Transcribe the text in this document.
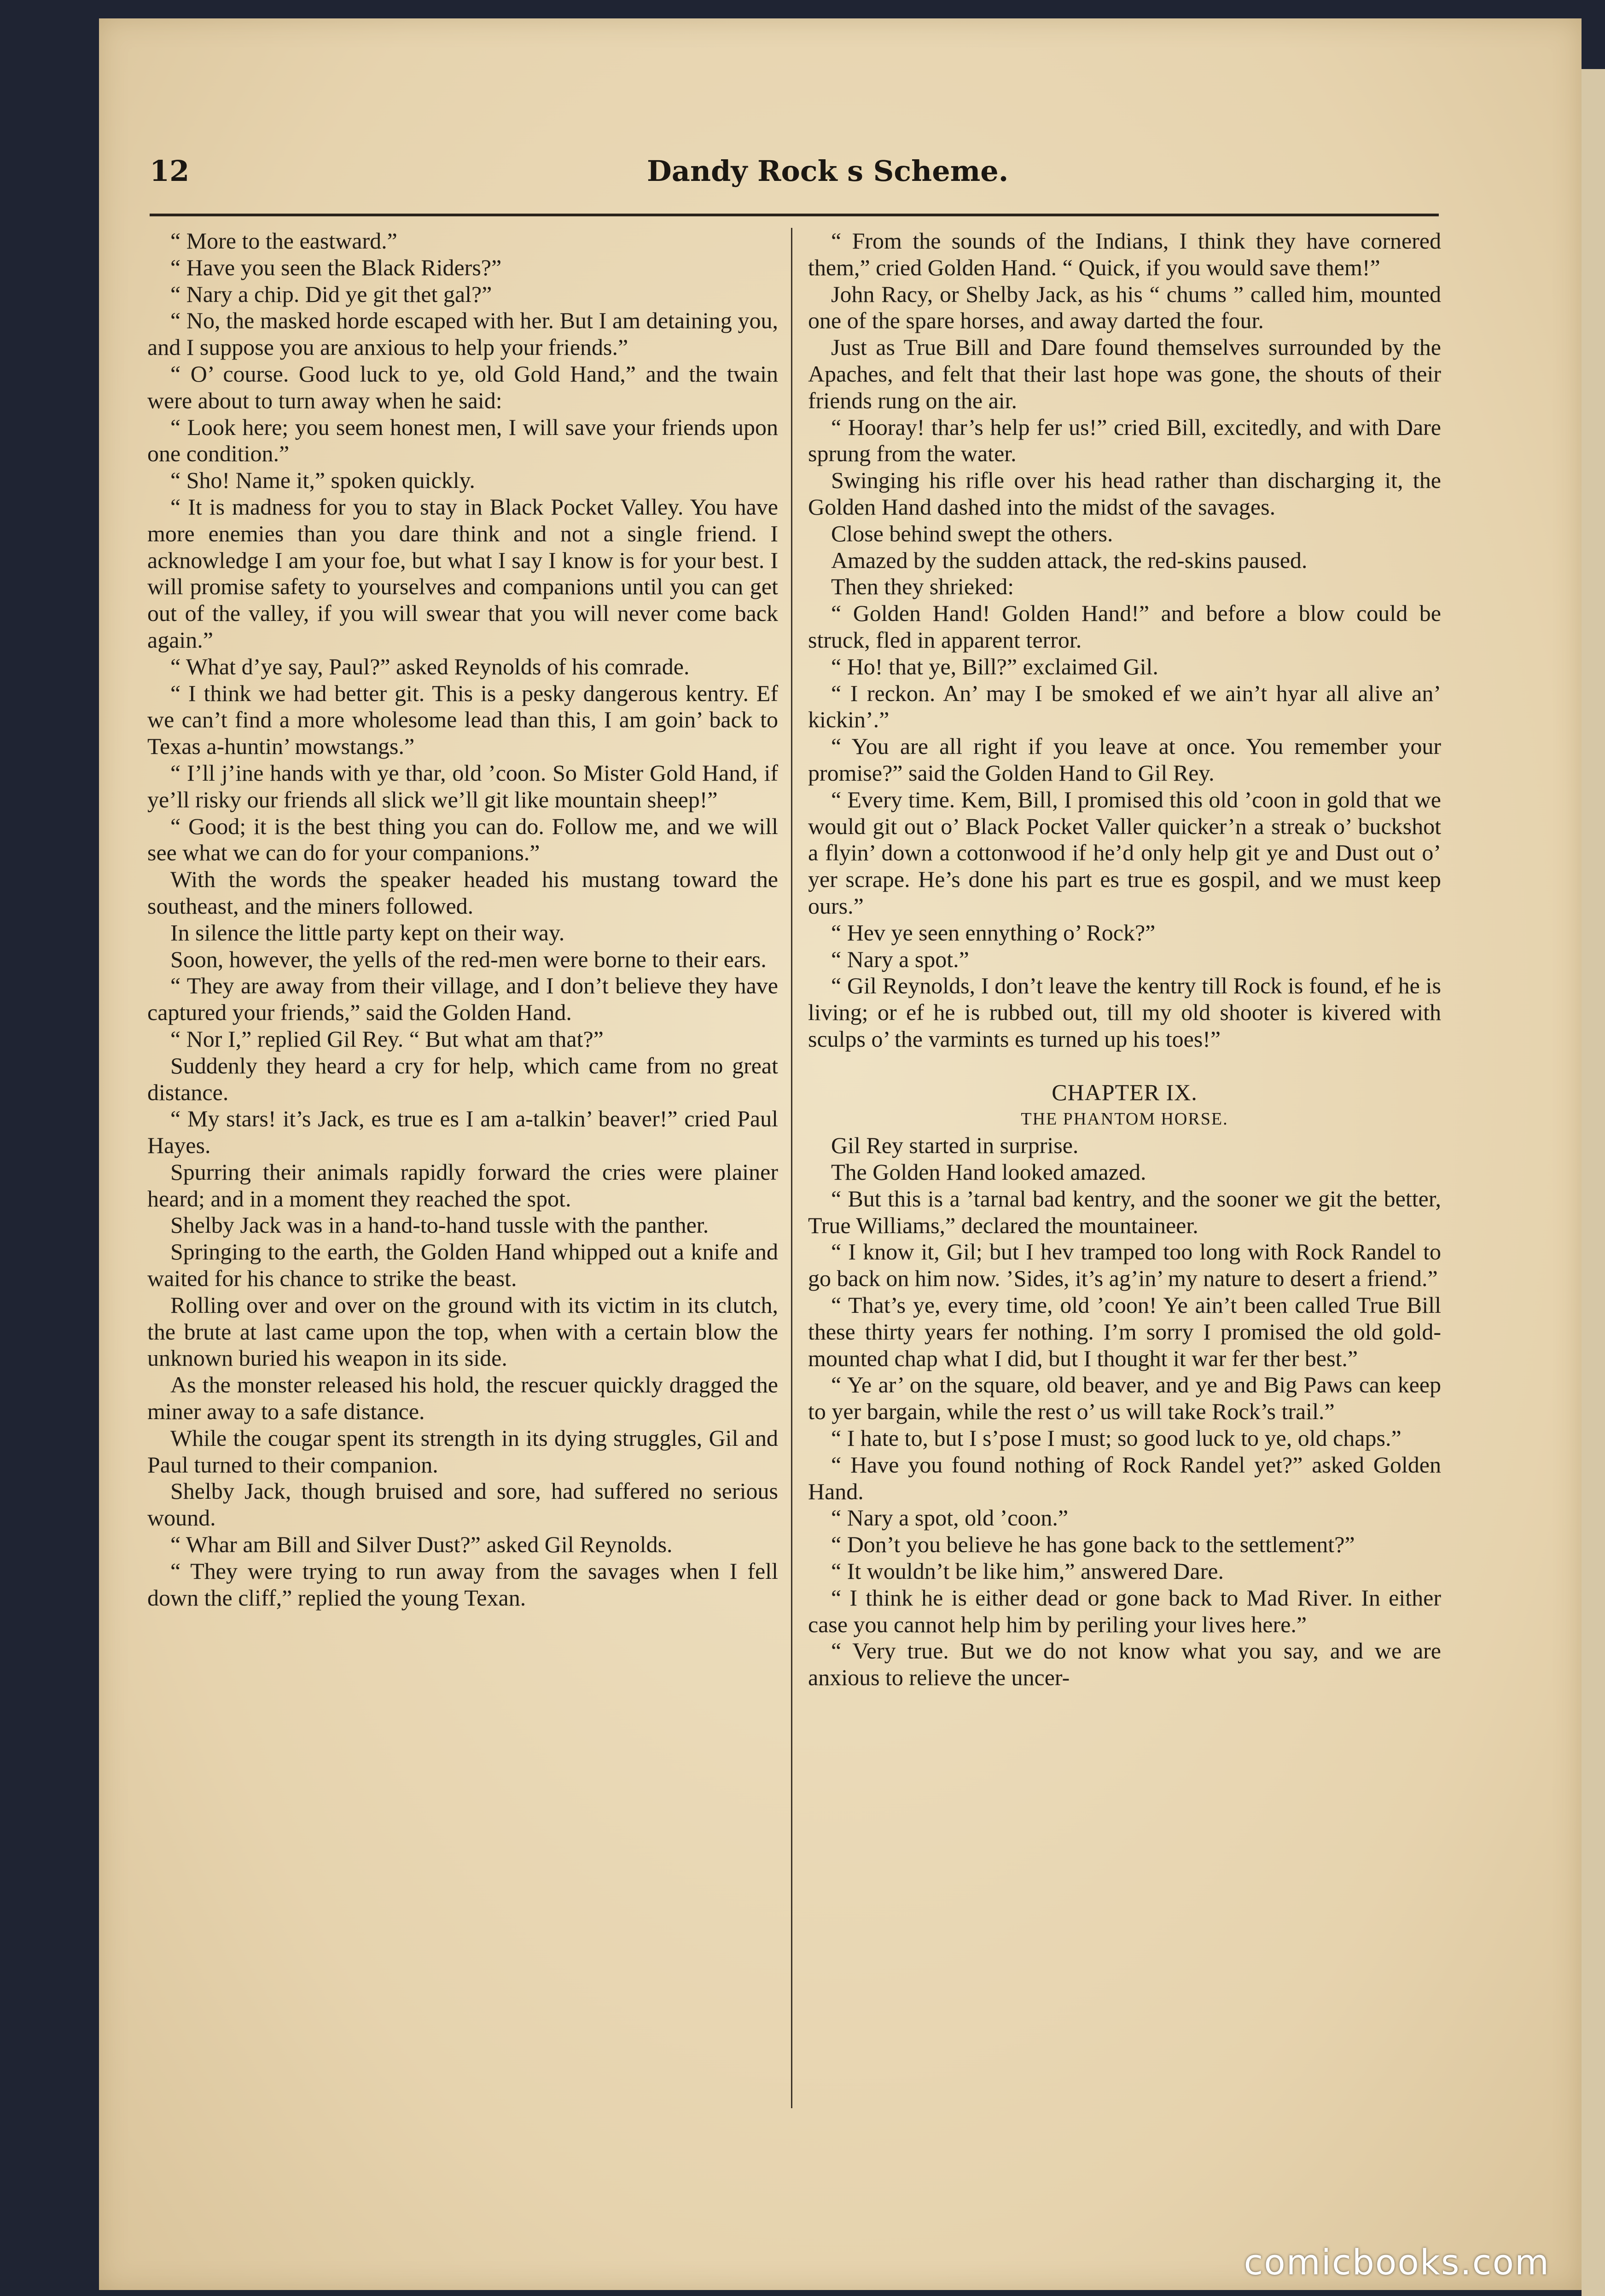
12	Dandy Rock s Scheme.

“ More to the eastward.”

“ Have you seen the Black Riders?”

“ Nary a chip. Did ye git thet gal?”

“ No, the masked horde escaped with her. But I am detaining you, and I suppose you are anxious to help your friends.”

“ O’ course. Good luck to ye, old Gold Hand,” and the twain were about to turn away when he said:

“ Look here; you seem honest men, I will save your friends upon one condition.”

“ Sho! Name it,” spoken quickly.

“ It is madness for you to stay in Black Pocket Valley. You have more enemies than you dare think and not a single friend. I acknowledge I am your foe, but what I say I know is for your best. I will promise safety to yourselves and companions until you can get out of the valley, if you will swear that you will never come back again.”

“ What d’ye say, Paul?” asked Reynolds of his comrade.

“ I think we had better git. This is a pesky dangerous kentry. Ef we can’t find a more wholesome lead than this, I am goin’ back to Texas a-huntin’ mowstangs.”

“ I’ll j’ine hands with ye thar, old ’coon. So Mister Gold Hand, if ye’ll risky our friends all slick we’ll git like mountain sheep!”

“ Good; it is the best thing you can do. Follow me, and we will see what we can do for your companions.”

With the words the speaker headed his mustang toward the southeast, and the miners followed.

In silence the little party kept on their way.

Soon, however, the yells of the red-men were borne to their ears.

“ They are away from their village, and I don’t believe they have captured your friends,” said the Golden Hand.

“ Nor I,” replied Gil Rey. “ But what am that?”

Suddenly they heard a cry for help, which came from no great distance.

“ My stars! it’s Jack, es true es I am a-talkin’ beaver!” cried Paul Hayes.

Spurring their animals rapidly forward the cries were plainer heard; and in a moment they reached the spot.

Shelby Jack was in a hand-to-hand tussle with the panther.

Springing to the earth, the Golden Hand whipped out a knife and waited for his chance to strike the beast.

Rolling over and over on the ground with its victim in its clutch, the brute at last came upon the top, when with a certain blow the unknown buried his weapon in its side.

As the monster released his hold, the rescuer quickly dragged the miner away to a safe distance.

While the cougar spent its strength in its dying struggles, Gil and Paul turned to their companion.

Shelby Jack, though bruised and sore, had suffered no serious wound.

“ Whar am Bill and Silver Dust?” asked Gil Reynolds.

“ They were trying to run away from the savages when I fell down the cliff,” replied the young Texan.

“ From the sounds of the Indians, I think they have cornered them,” cried Golden Hand. “ Quick, if you would save them!”

John Racy, or Shelby Jack, as his “ chums ” called him, mounted one of the spare horses, and away darted the four.

Just as True Bill and Dare found themselves surrounded by the Apaches, and felt that their last hope was gone, the shouts of their friends rung on the air.

“ Hooray! thar’s help fer us!” cried Bill, excitedly, and with Dare sprung from the water.

Swinging his rifle over his head rather than discharging it, the Golden Hand dashed into the midst of the savages.

Close behind swept the others.

Amazed by the sudden attack, the red-skins paused.

Then they shrieked:

“ Golden Hand! Golden Hand!” and before a blow could be struck, fled in apparent terror.

“ Ho! that ye, Bill?” exclaimed Gil.

“ I reckon. An’ may I be smoked ef we ain’t hyar all alive an’ kickin’.”

“ You are all right if you leave at once. You remember your promise?” said the Golden Hand to Gil Rey.

“ Every time. Kem, Bill, I promised this old ’coon in gold that we would git out o’ Black Pocket Valler quicker’n a streak o’ buckshot a flyin’ down a cottonwood if he’d only help git ye and Dust out o’ yer scrape. He’s done his part es true es gospil, and we must keep ours.”

“ Hev ye seen ennything o’ Rock?”

“ Nary a spot.”

“ Gil Reynolds, I don’t leave the kentry till Rock is found, ef he is living; or ef he is rubbed out, till my old shooter is kivered with sculps o’ the varmints es turned up his toes!”

CHAPTER IX.

THE PHANTOM HORSE.

Gil Rey started in surprise.

The Golden Hand looked amazed.

“ But this is a ’tarnal bad kentry, and the sooner we git the better, True Williams,” declared the mountaineer.

“ I know it, Gil; but I hev tramped too long with Rock Randel to go back on him now. ’Sides, it’s ag’in’ my nature to desert a friend.”

“ That’s ye, every time, old ’coon! Ye ain’t been called True Bill these thirty years fer nothing. I’m sorry I promised the old gold-mounted chap what I did, but I thought it war fer ther best.”

“ Ye ar’ on the square, old beaver, and ye and Big Paws can keep to yer bargain, while the rest o’ us will take Rock’s trail.”

“ I hate to, but I s’pose I must; so good luck to ye, old chaps.”

“ Have you found nothing of Rock Randel yet?” asked Golden Hand.

“ Nary a spot, old ’coon.”

“ Don’t you believe he has gone back to the settlement?”

“ It wouldn’t be like him,” answered Dare.

“ I think he is either dead or gone back to Mad River. In either case you cannot help him by periling your lives here.”

“ Very true. But we do not know what you say, and we are anxious to relieve the uncer-

comicbooks.com
